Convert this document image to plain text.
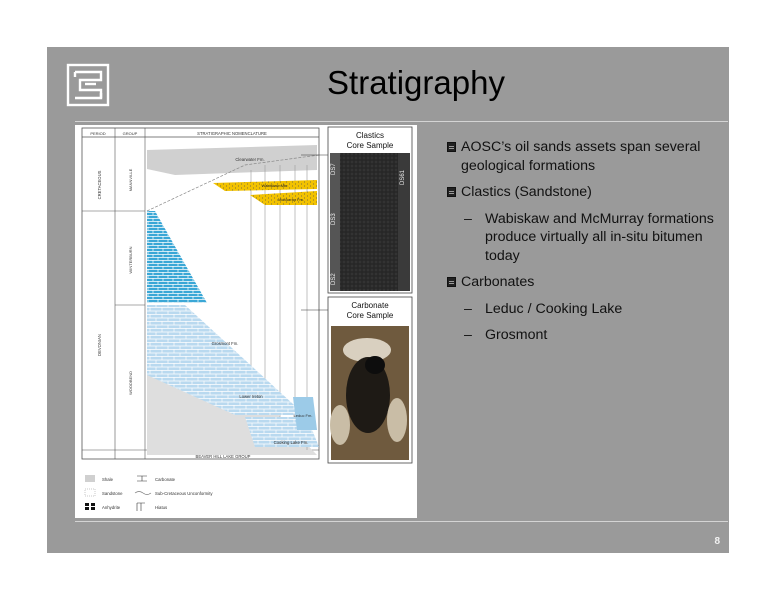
Stratigraphy
PERIOD	GROUP	STRATIGRAPHIC NOMENCLATURE
CRETACEOUS
DEVONIAN
MANNVILLE
WINTERBURN
WOODBEND
Clearwater Fm.
Wabiskaw Mbr.
McMurray Fm.
Grosmont Fm.
Lower Ireton
Leduc Fm.
Cooking Lake Fm.
BEAVER HILL LAKE GROUP
Clastics
Core Sample
Carbonate
Core Sample
Shale
Sandstone
Anhydrite
Carbonate
Sub-Cretaceous Unconformity
Hiatus
DS2
DS3
DS7
DS61
AOSC’s oil sands assets span several geological formations
Clastics (Sandstone)
– Wabiskaw and McMurray formations produce virtually all in-situ bitumen today
Carbonates
– Leduc / Cooking Lake
– Grosmont
8
